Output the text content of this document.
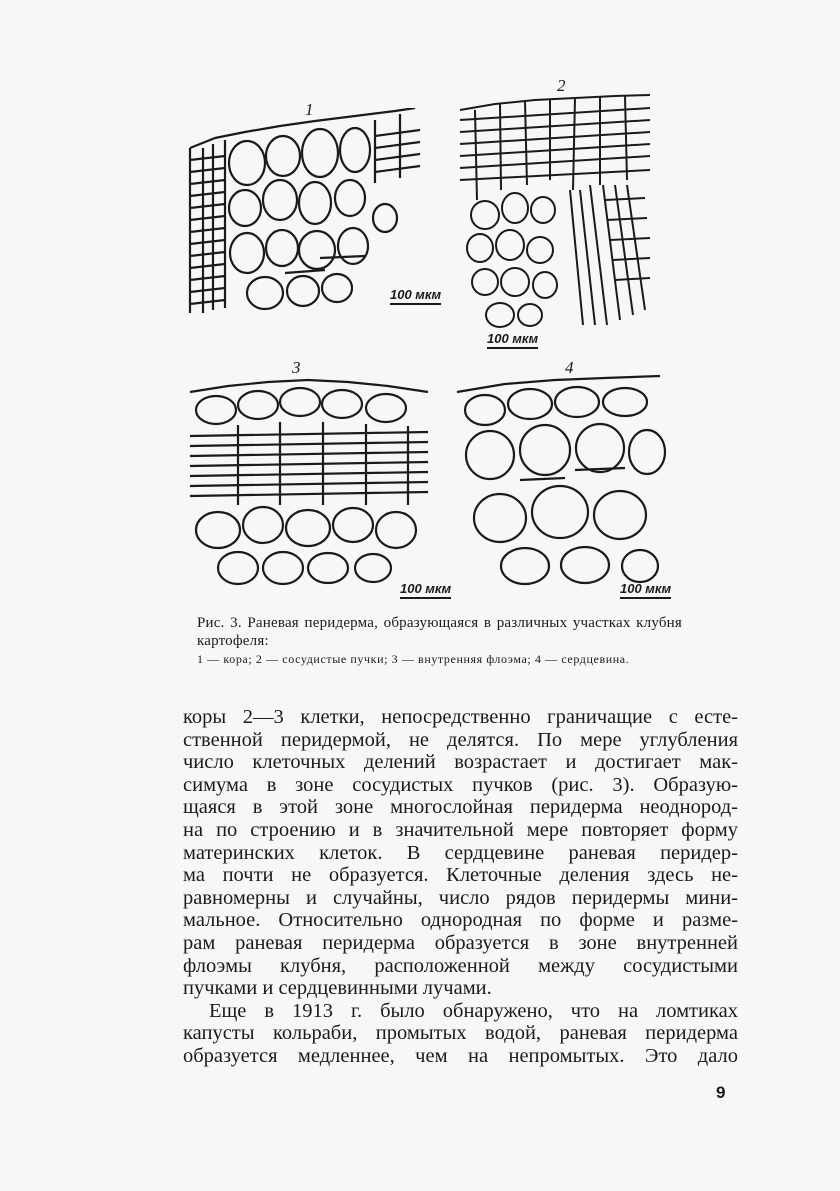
1
100 мкм
2
100 мкм
3
100 мкм
4
100 мкм
Рис. 3. Раневая перидерма, образующаяся в различных участках клубня картофеля:
1 — кора; 2 — сосудистые пучки; 3 — внутренняя флоэма; 4 — сердцевина.

коры 2—3 клетки, непосредственно граничащие с есте-

ственной перидермой, не делятся. По мере углубления

число клеточных делений возрастает и достигает мак-

симума в зоне сосудистых пучков (рис. 3). Образую-

щаяся в этой зоне многослойная перидерма неоднород-

на по строению и в значительной мере повторяет форму

материнских клеток. В сердцевине раневая перидер-

ма почти не образуется. Клеточные деления здесь не-

равномерны и случайны, число рядов перидермы мини-

мальное. Относительно однородная по форме и разме-

рам раневая перидерма образуется в зоне внутренней

флоэмы клубня, расположенной между сосудистыми

пучками и сердцевинными лучами.

Еще в 1913 г. было обнаружено, что на ломтиках

капусты кольраби, промытых водой, раневая перидерма

образуется медленнее, чем на непромытых. Это дало

9
